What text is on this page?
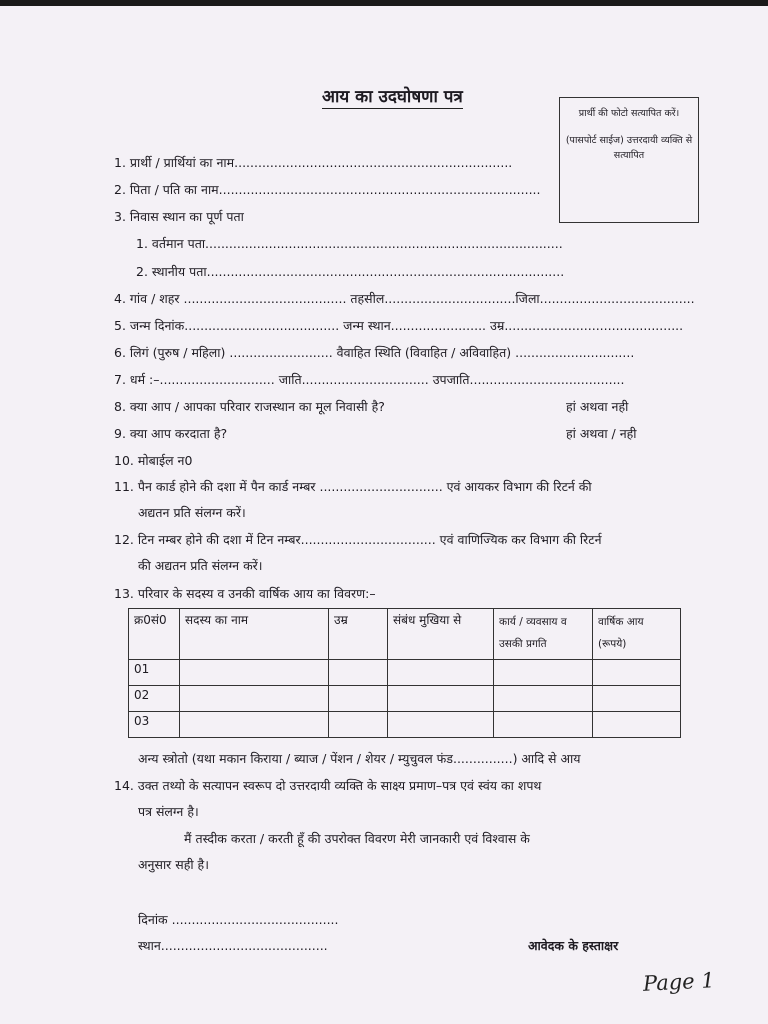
आय का उदघोषणा पत्र
प्रार्थी की फोटो सत्यापित करें।
(पासपोर्ट साईज) उत्तरदायी व्यक्ति से सत्यापित
1. प्रार्थी / प्रार्थियां का नाम......................................................................
2. पिता / पति का नाम.................................................................................
3. निवास स्थान का पूर्ण पता
1. वर्तमान पता..........................................................................................
2. स्थानीय पता..........................................................................................
4. गांव / शहर ......................................... तहसील.................................जिला.......................................
5. जन्म दिनांक....................................... जन्म स्थान........................ उम्र.............................................
6. लिगं (पुरुष / महिला) .......................... वैवाहित स्थिति (विवाहित / अविवाहित) ..............................
7. धर्म :–............................. जाति................................ उपजाति.......................................
8. क्या आप / आपका परिवार राजस्थान का मूल निवासी है?	हां अथवा नही
9. क्या आप करदाता है?	हां अथवा / नही
10. मोबाईल न0
11. पैन कार्ड होने की दशा में पैन कार्ड नम्बर ............................... एवं आयकर विभाग की रिटर्न की
अद्यतन प्रति संलग्न करें।
12. टिन नम्बर होने की दशा में टिन नम्बर.................................. एवं वाणिज्यिक कर विभाग की रिटर्न
की अद्यतन प्रति संलग्न करें।
13. परिवार के सदस्य व उनकी वार्षिक आय का विवरण:–
क्र0सं0	सदस्य का नाम	उम्र	संबंध मुखिया से	कार्य / व्यवसाय व उसकी प्रगति	वार्षिक आय (रूपये)
01					
02					
03					
अन्य स्त्रोतो (यथा मकान किराया / ब्याज / पेंशन / शेयर / म्युचुवल फंड...............) आदि से आय
14. उक्त तथ्यो के सत्यापन स्वरूप दो उत्तरदायी व्यक्ति के साक्ष्य प्रमाण–पत्र एवं स्वंय का शपथ
पत्र संलग्न है।
मैं तस्दीक करता / करती हूँ की उपरोक्त विवरण मेरी जानकारी एवं विश्वास के
अनुसार सही है।
दिनांक ..........................................
स्थान..........................................	आवेदक के हस्ताक्षर
Page 1
